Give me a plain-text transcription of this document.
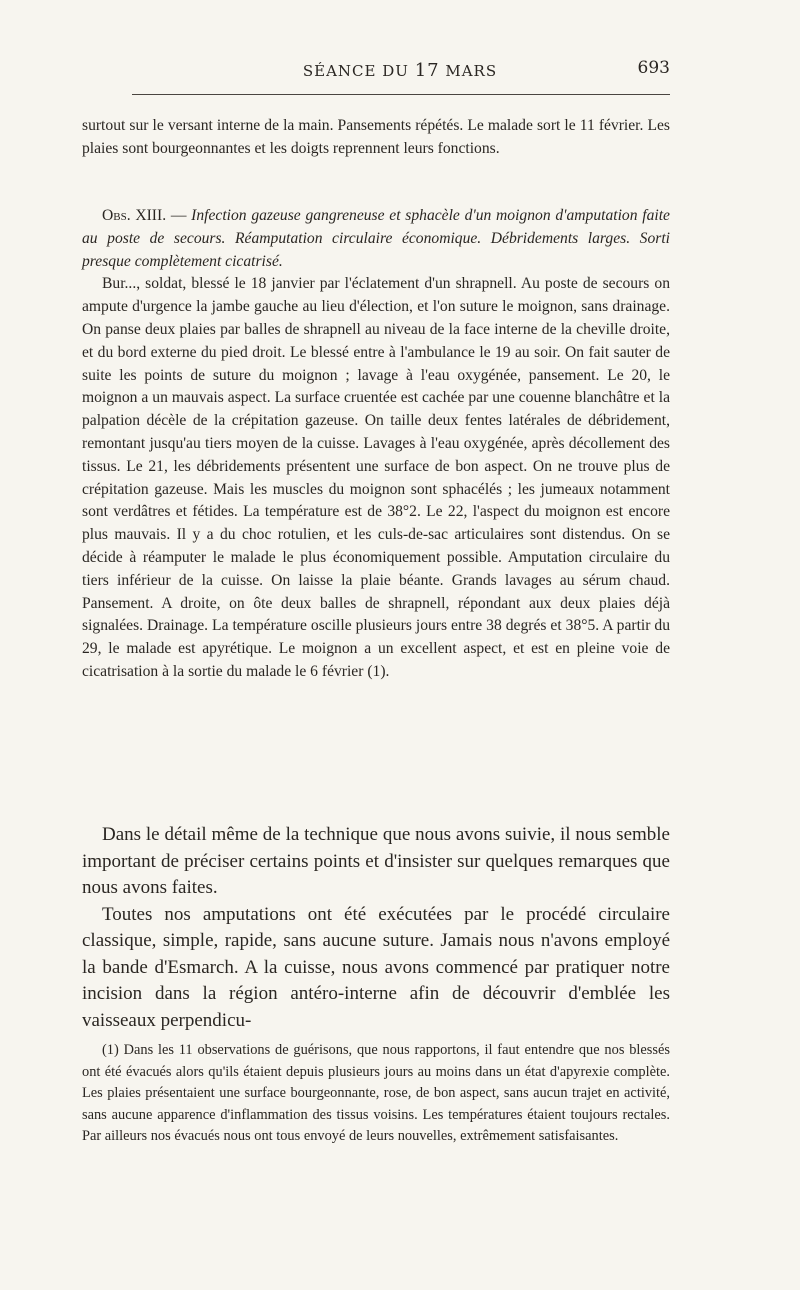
SÉANCE DU 17 MARS	693

surtout sur le versant interne de la main. Pansements répétés. Le malade sort le 11 février. Les plaies sont bourgeonnantes et les doigts reprennent leurs fonctions.

Obs. XIII. — Infection gazeuse gangreneuse et sphacèle d'un moignon d'amputation faite au poste de secours. Réamputation circulaire économique. Débridements larges. Sorti presque complètement cicatrisé.

Bur..., soldat, blessé le 18 janvier par l'éclatement d'un shrapnell. Au poste de secours on ampute d'urgence la jambe gauche au lieu d'élection, et l'on suture le moignon, sans drainage. On panse deux plaies par balles de shrapnell au niveau de la face interne de la cheville droite, et du bord externe du pied droit. Le blessé entre à l'ambulance le 19 au soir. On fait sauter de suite les points de suture du moignon ; lavage à l'eau oxygénée, pansement. Le 20, le moignon a un mauvais aspect. La surface cruentée est cachée par une couenne blanchâtre et la palpation décèle de la crépitation gazeuse. On taille deux fentes latérales de débridement, remontant jusqu'au tiers moyen de la cuisse. Lavages à l'eau oxygénée, après décollement des tissus. Le 21, les débridements présentent une surface de bon aspect. On ne trouve plus de crépitation gazeuse. Mais les muscles du moignon sont sphacélés ; les jumeaux notamment sont verdâtres et fétides. La température est de 38°2. Le 22, l'aspect du moignon est encore plus mauvais. Il y a du choc rotulien, et les culs-de-sac articulaires sont distendus. On se décide à réamputer le malade le plus économiquement possible. Amputation circulaire du tiers inférieur de la cuisse. On laisse la plaie béante. Grands lavages au sérum chaud. Pansement. A droite, on ôte deux balles de shrapnell, répondant aux deux plaies déjà signalées. Drainage. La température oscille plusieurs jours entre 38 degrés et 38°5. A partir du 29, le malade est apyrétique. Le moignon a un excellent aspect, et est en pleine voie de cicatrisation à la sortie du malade le 6 février (1).

Dans le détail même de la technique que nous avons suivie, il nous semble important de préciser certains points et d'insister sur quelques remarques que nous avons faites.

Toutes nos amputations ont été exécutées par le procédé circulaire classique, simple, rapide, sans aucune suture. Jamais nous n'avons employé la bande d'Esmarch. A la cuisse, nous avons commencé par pratiquer notre incision dans la région antéro-interne afin de découvrir d'emblée les vaisseaux perpendicu-

(1) Dans les 11 observations de guérisons, que nous rapportons, il faut entendre que nos blessés ont été évacués alors qu'ils étaient depuis plusieurs jours au moins dans un état d'apyrexie complète. Les plaies présentaient une surface bourgeonnante, rose, de bon aspect, sans aucun trajet en activité, sans aucune apparence d'inflammation des tissus voisins. Les températures étaient toujours rectales. Par ailleurs nos évacués nous ont tous envoyé de leurs nouvelles, extrêmement satisfaisantes.
